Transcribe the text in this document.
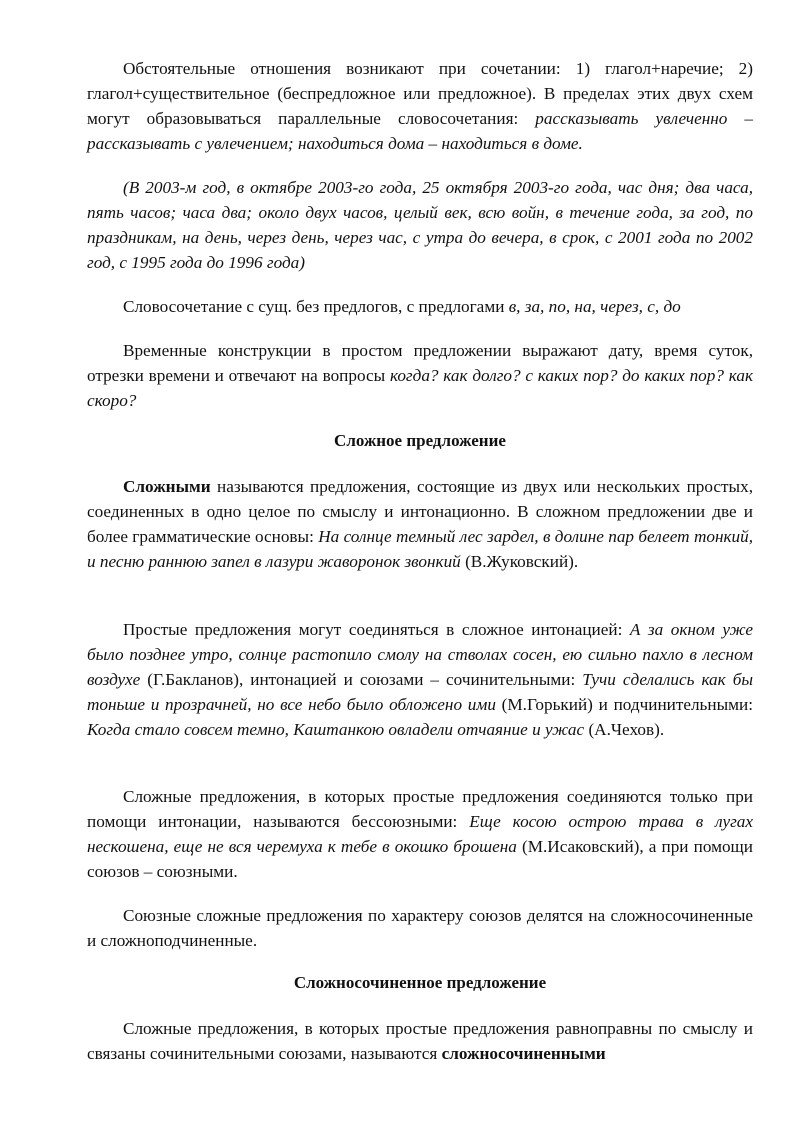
Обстоятельные отношения возникают при сочетании: 1) глагол+наречие; 2) глагол+существительное (беспредложное или предложное). В пределах этих двух схем могут образовываться параллельные словосочетания: рассказывать увлеченно – рассказывать с увлечением; находиться дома – находиться в доме.

(В 2003-м год, в октябре 2003-го года, 25 октября 2003-го года, час дня; два часа, пять часов; часа два; около двух часов, целый век, всю войн, в течение года, за год, по праздникам, на день, через день, через час, с утра до вечера, в срок, с 2001 года по 2002 год, с 1995 года до 1996 года)

Словосочетание с сущ. без предлогов, с предлогами в, за, по, на, через, с, до

Временные конструкции в простом предложении выражают дату, время суток, отрезки времени и отвечают на вопросы когда? как долго? с каких пор? до каких пор? как скоро?

Сложное предложение

Сложными называются предложения, состоящие из двух или нескольких простых, соединенных в одно целое по смыслу и интонационно. В сложном предложении две и более грамматические основы: На солнце темный лес зардел, в долине пар белеет тонкий, и песню раннюю запел в лазури жаворонок звонкий (В.Жуковский).

Простые предложения могут соединяться в сложное интонацией: А за окном уже было позднее утро, солнце растопило смолу на стволах сосен, ею сильно пахло в лесном воздухе (Г.Бакланов), интонацией и союзами – сочинительными: Тучи сделались как бы тоньше и прозрачней, но все небо было обложено ими (М.Горький) и подчинительными: Когда стало совсем темно, Каштанкою овладели отчаяние и ужас (А.Чехов).

Сложные предложения, в которых простые предложения соединяются только при помощи интонации, называются бессоюзными: Еще косою острою трава в лугах нескошена, еще не вся черемуха к тебе в окошко брошена (М.Исаковский), а при помощи союзов – союзными.

Союзные сложные предложения по характеру союзов делятся на сложносочиненные и сложноподчиненные.

Сложносочиненное предложение

Сложные предложения, в которых простые предложения равноправны по смыслу и связаны сочинительными союзами, называются сложносочиненными
